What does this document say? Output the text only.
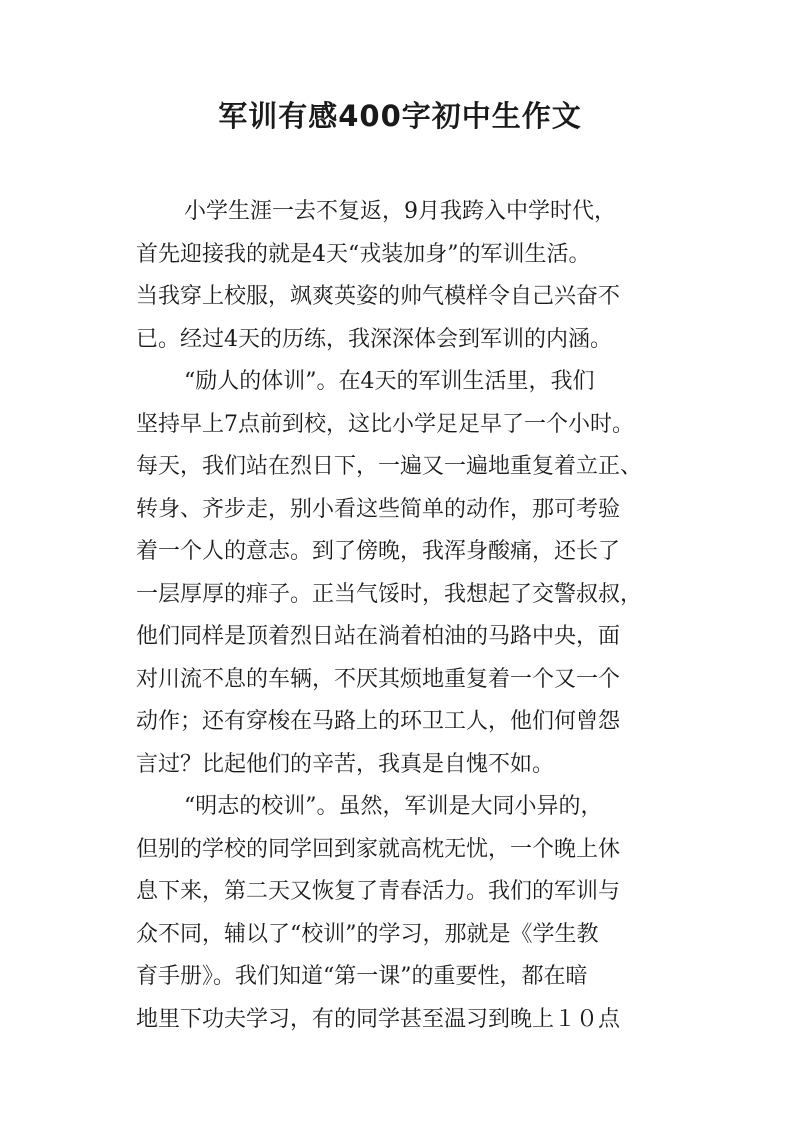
军训有感400字初中生作文
小学生涯一去不复返，9月我跨入中学时代，
首先迎接我的就是4天“戎装加身”的军训生活。
当我穿上校服，飒爽英姿的帅气模样令自己兴奋不
已。经过4天的历练，我深深体会到军训的内涵。
“励人的体训”。在4天的军训生活里，我们
坚持早上7点前到校，这比小学足足早了一个小时。
每天，我们站在烈日下，一遍又一遍地重复着立正、
转身、齐步走，别小看这些简单的动作，那可考验
着一个人的意志。到了傍晚，我浑身酸痛，还长了
一层厚厚的痱子。正当气馁时，我想起了交警叔叔，
他们同样是顶着烈日站在淌着柏油的马路中央，面
对川流不息的车辆，不厌其烦地重复着一个又一个
动作；还有穿梭在马路上的环卫工人，他们何曾怨
言过？比起他们的辛苦，我真是自愧不如。
“明志的校训”。虽然，军训是大同小异的，
但别的学校的同学回到家就高枕无忧，一个晚上休
息下来，第二天又恢复了青春活力。我们的军训与
众不同，辅以了“校训”的学习，那就是《学生教
育手册》。我们知道“第一课”的重要性，都在暗
地里下功夫学习，有的同学甚至温习到晚上１０点
